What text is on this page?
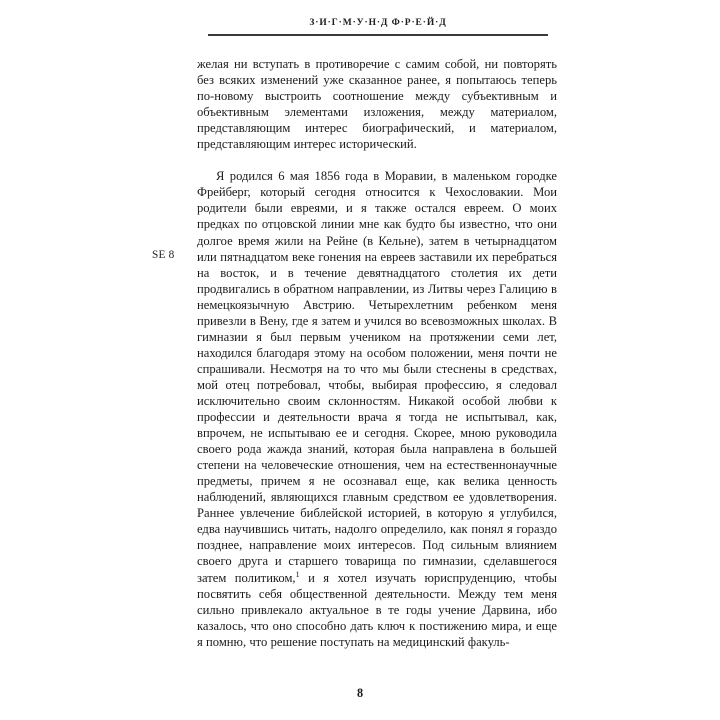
З·И·Г·М·У·Н·Д Ф·Р·Е·Й·Д

желая ни вступать в противоречие с самим собой, ни повторять без всяких изменений уже сказанное ранее, я попытаюсь теперь по-новому выстроить соотношение между субъективным и объективным элементами изложения, между материалом, представляющим интерес биографический, и материалом, представляющим интерес исторический.

Я родился 6 мая 1856 года в Моравии, в маленьком городке Фрейберг, который сегодня относится к Чехословакии. Мои родители были евреями, и я также остался евреем. О моих предках по отцовской линии мне как будто бы известно, что они долгое время жили на Рейне (в Кельне), затем в четырнадцатом или пятнадцатом веке гонения на евреев заставили их перебраться на восток, и в течение девятнадцатого столетия их дети продвигались в обратном направлении, из Литвы через Галицию в немецкоязычную Австрию. Четырехлетним ребенком меня привезли в Вену, где я затем и учился во всевозможных школах. В гимназии я был первым учеником на протяжении семи лет, находился благодаря этому на особом положении, меня почти не спрашивали. Несмотря на то что мы были стеснены в средствах, мой отец потребовал, чтобы, выбирая профессию, я следовал исключительно своим склонностям. Никакой особой любви к профессии и деятельности врача я тогда не испытывал, как, впрочем, не испытываю ее и сегодня. Скорее, мною руководила своего рода жажда знаний, которая была направлена в большей степени на человеческие отношения, чем на естественнонаучные предметы, причем я не осознавал еще, как велика ценность наблюдений, являющихся главным средством ее удовлетворения. Раннее увлечение библейской историей, в которую я углубился, едва научившись читать, надолго определило, как понял я гораздо позднее, направление моих интересов. Под сильным влиянием своего друга и старшего товарища по гимназии, сделавшегося затем политиком,$^1$ и я хотел изучать юриспруденцию, чтобы посвятить себя общественной деятельности. Между тем меня сильно привлекало актуальное в те годы учение Дарвина, ибо казалось, что оно способно дать ключ к постижению мира, и еще я помню, что решение поступать на медицинский факуль-

SE 8
8
